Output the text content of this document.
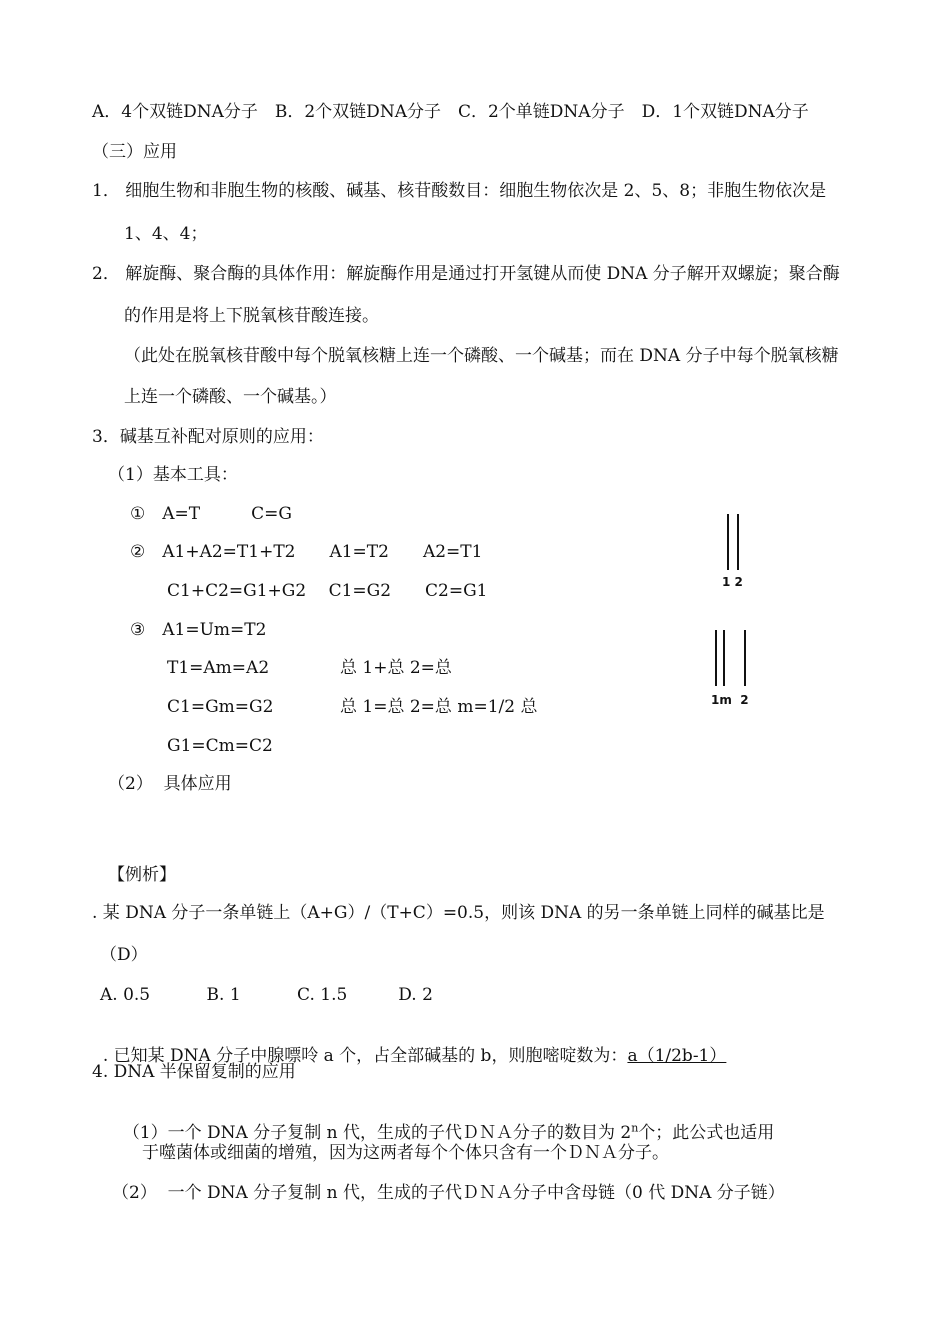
A．4个双链DNA分子　B．2个双链DNA分子　C．2个单链DNA分子　D．1个双链DNA分子
（三）应用
1． 细胞生物和非胞生物的核酸、碱基、核苷酸数目：细胞生物依次是 2、5、8；非胞生物依次是
1、4、4；
2． 解旋酶、聚合酶的具体作用：解旋酶作用是通过打开氢键从而使 DNA 分子解开双螺旋；聚合酶
的作用是将上下脱氧核苷酸连接。
（此处在脱氧核苷酸中每个脱氧核糖上连一个磷酸、一个碱基；而在 DNA 分子中每个脱氧核糖
上连一个磷酸、一个碱基。）
3．碱基互补配对原则的应用：
（1）基本工具：
①　A=T　　　C=G
②　A1+A2=T1+T2　　A1=T2　　A2=T1
C1+C2=G1+G2　 C1=G2　　C2=G1
③　A1=Um=T2
T1=Am=A2	总 1+总 2=总
C1=Gm=G2	总 1=总 2=总 m=1/2 总
G1=Cm=C2
（2）  具体应用
1 2
1m  2
【例析】
. 某 DNA 分子一条单链上（A+G）/（T+C）=0.5，则该 DNA 的另一条单链上同样的碱基比是
（D）
A. 0.5　　　 B. 1　　　 C. 1.5　　　D. 2

. 已知某 DNA 分子中腺嘌呤 a 个，占全部碱基的 b，则胞嘧啶数为：a（1/2b-1）

4. DNA 半保留复制的应用

（1）一个 DNA 分子复制 n 代，生成的子代ＤＮＡ分子的数目为 2$^n$个；此公式也适用

于噬菌体或细菌的增殖，因为这两者每个个体只含有一个ＤＮＡ分子。
（2）  一个 DNA 分子复制 n 代，生成的子代ＤＮＡ分子中含母链（0 代 DNA 分子链）
